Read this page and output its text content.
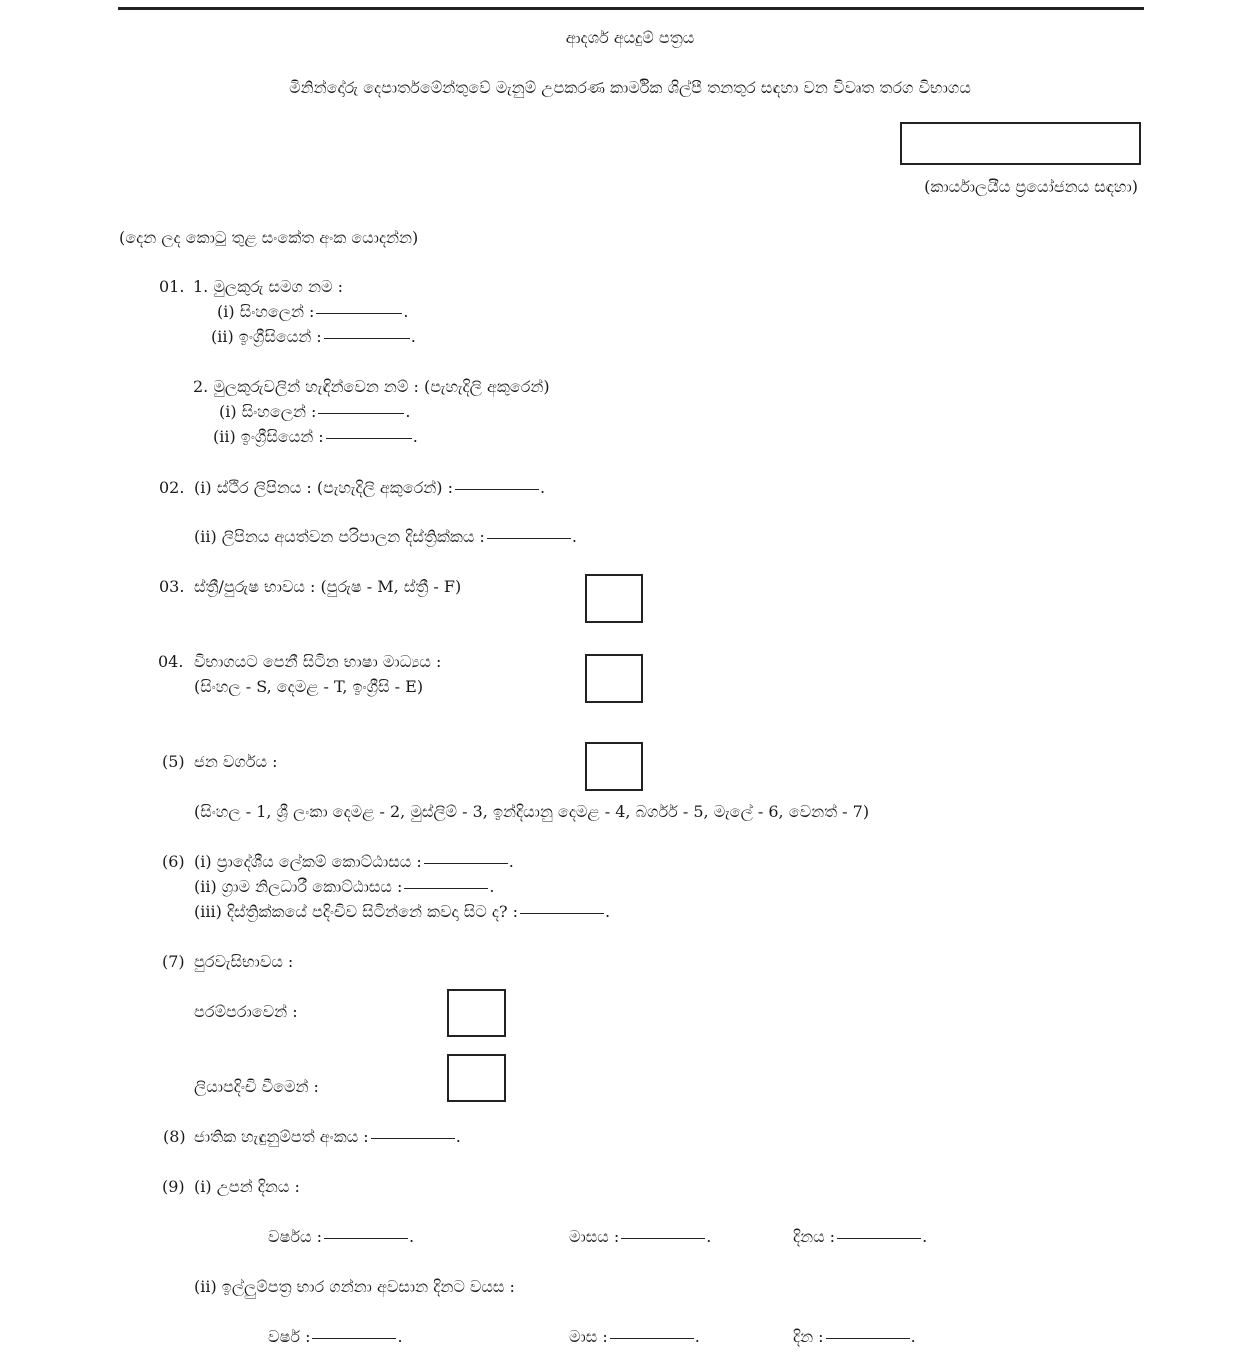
ආදර්ශ අයදුම් පත්‍රය
මිනින්දෝරු දෙපාර්තමේන්තුවේ මැනුම් උපකරණ කාර්මික ශිල්පී තනතුර සඳහා වන විවෘත තරග විභාගය
(කාර්යාලයීය ප්‍රයෝජනය සඳහා)
(දෙන ලද කොටු තුළ සංකේත අංක යොදන්න)
01. 1. මුලකුරු සමග නම :
(i) සිංහලෙන් :	.
(ii) ඉංග්‍රීසියෙන් :	.
2. මුලකුරුවලින් හැඳින්වෙන නම් : (පැහැදිලි අකුරෙන්)
(i) සිංහලෙන් :	.
(ii) ඉංග්‍රීසියෙන් :	.
02. (i) ස්ථිර ලිපිනය : (පැහැදිලි අකුරෙන්) :	.
(ii) ලිපිනය අයත්වන පරිපාලන දිස්ත්‍රික්කය :	.
03. ස්ත්‍රී/පුරුෂ භාවය : (පුරුෂ - M, ස්ත්‍රී - F)
04. විභාගයට පෙනී සිටින භාෂා මාධ්‍යය :
(සිංහල - S, දෙමළ - T, ඉංග්‍රීසි - E)
(5) ජන වර්ගය :
(සිංහල - 1, ශ්‍රී ලංකා දෙමළ - 2, මුස්ලිම් - 3, ඉන්දියානු දෙමළ - 4, බර්ගර් - 5, මැලේ - 6, වෙනත් - 7)
(6) (i) ප්‍රාදේශීය ලේකම් කොට්ඨාසය :	.
(ii) ග්‍රාම නිලධාරී කොට්ඨාසය :	.
(iii) දිස්ත්‍රික්කයේ පදිංචිව සිටින්නේ කවදා සිට ද? :	.
(7) පුරවැසිභාවය :
පරම්පරාවෙන් :
ලියාපදිංචි වීමෙන් :
(8) ජාතික හැඳුනුම්පත් අංකය :	.
(9) (i) උපන් දිනය :
වර්ෂය :	.	මාසය :	.	දිනය :	.
(ii) ඉල්ලුම්පත්‍ර භාර ගන්නා අවසාන දිනට වයස :
වර්ෂ :	.	මාස :	.	දින :	.
